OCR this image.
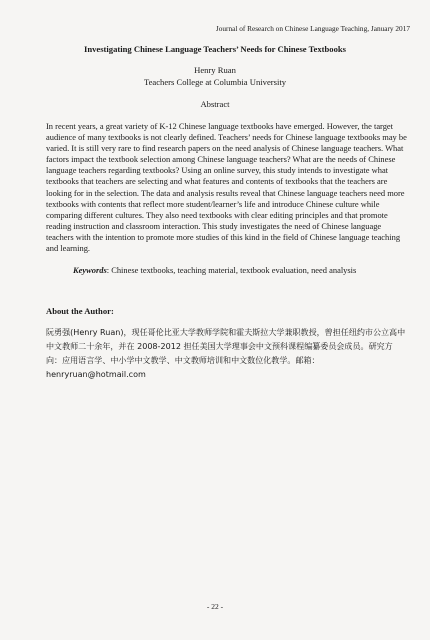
Journal of Research on Chinese Language Teaching, January 2017
Investigating Chinese Language Teachers’ Needs for Chinese Textbooks
Henry Ruan
Teachers College at Columbia University
Abstract

In recent years, a great variety of K-12 Chinese language textbooks have emerged. However, the target audience of many textbooks is not clearly defined. Teachers’ needs for Chinese language textbooks may be varied. It is still very rare to find research papers on the need analysis of Chinese language teachers. What factors impact the textbook selection among Chinese language teachers? What are the needs of Chinese language teachers regarding textbooks? Using an online survey, this study intends to investigate what textbooks that teachers are selecting and what features and contents of textbooks that the teachers are looking for in the selection. The data and analysis results reveal that Chinese language teachers need more textbooks with contents that reflect more student/learner’s life and introduce Chinese culture while comparing different cultures. They also need textbooks with clear editing principles and that promote reading instruction and classroom interaction. This study investigates the need of Chinese language teachers with the intention to promote more studies of this kind in the field of Chinese language teaching and learning.

Keywords: Chinese textbooks, teaching material, textbook evaluation, need analysis
About the Author:
阮勇强(Henry Ruan)，现任哥伦比亚大学教师学院和霍夫斯拉大学兼职教授，曾担任纽约市公立高中中文教师二十余年，并在 2008-2012 担任美国大学理事会中文预科课程编纂委员会成员。研究方向：应用语言学、中小学中文教学、中文教师培训和中文数位化教学。邮箱：henryruan@hotmail.com
- 22 -
